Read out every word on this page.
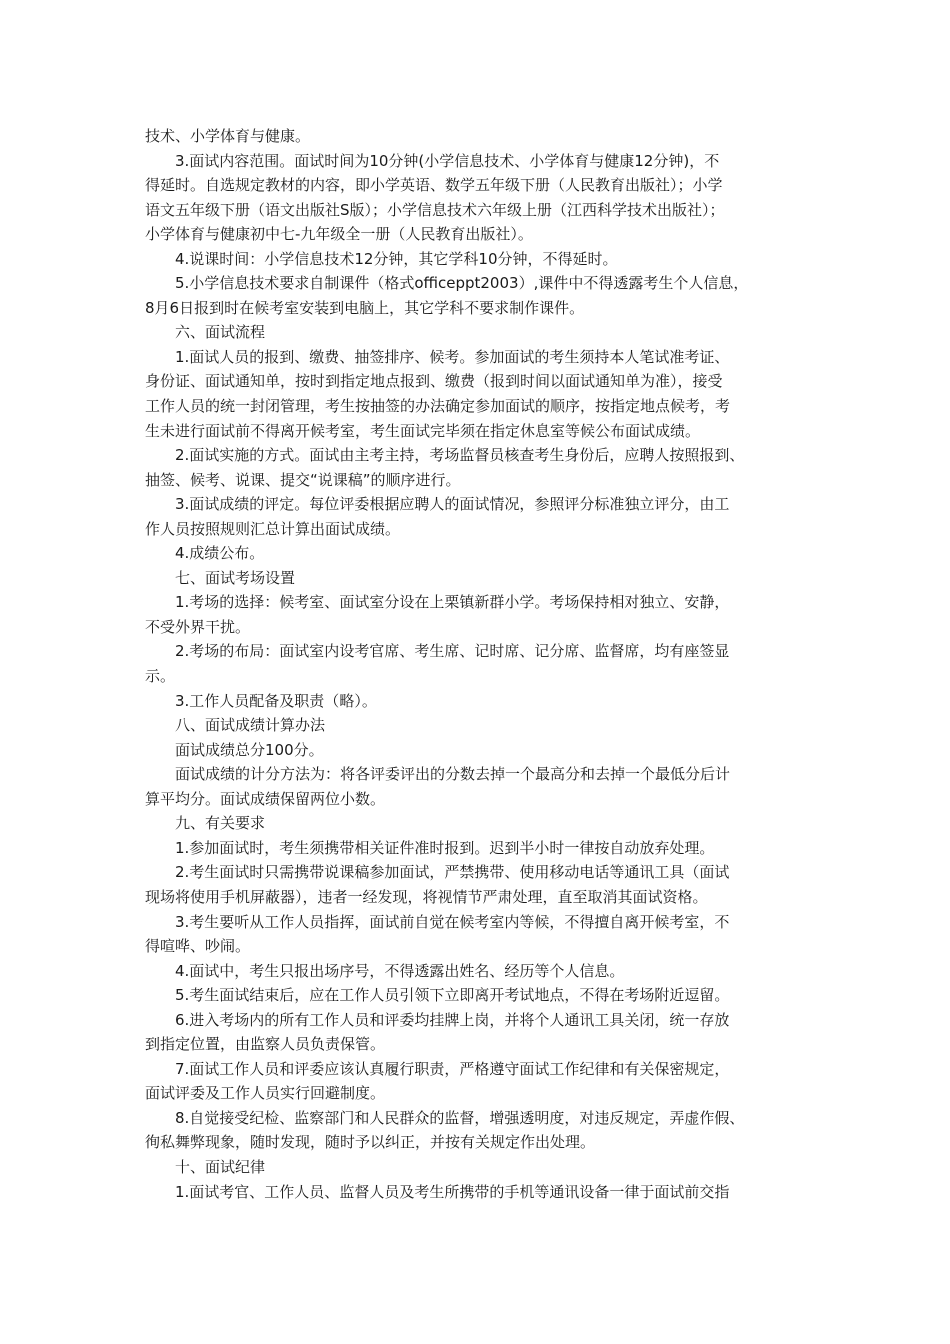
技术、小学体育与健康。
3.面试内容范围。面试时间为10分钟(小学信息技术、小学体育与健康12分钟)，不
得延时。自选规定教材的内容，即小学英语、数学五年级下册（人民教育出版社）；小学
语文五年级下册（语文出版社S版）；小学信息技术六年级上册（江西科学技术出版社）；
小学体育与健康初中七-九年级全一册（人民教育出版社）。
4.说课时间：小学信息技术12分钟，其它学科10分钟，不得延时。
5.小学信息技术要求自制课件（格式officeppt2003）,课件中不得透露考生个人信息，
8月6日报到时在候考室安装到电脑上，其它学科不要求制作课件。
六、面试流程
1.面试人员的报到、缴费、抽签排序、候考。参加面试的考生须持本人笔试准考证、
身份证、面试通知单，按时到指定地点报到、缴费（报到时间以面试通知单为准），接受
工作人员的统一封闭管理，考生按抽签的办法确定参加面试的顺序，按指定地点候考，考
生未进行面试前不得离开候考室，考生面试完毕须在指定休息室等候公布面试成绩。
2.面试实施的方式。面试由主考主持，考场监督员核查考生身份后，应聘人按照报到、
抽签、候考、说课、提交“说课稿”的顺序进行。
3.面试成绩的评定。每位评委根据应聘人的面试情况，参照评分标准独立评分，由工
作人员按照规则汇总计算出面试成绩。
4.成绩公布。
七、面试考场设置
1.考场的选择：候考室、面试室分设在上栗镇新群小学。考场保持相对独立、安静，
不受外界干扰。
2.考场的布局：面试室内设考官席、考生席、记时席、记分席、监督席，均有座签显
示。
3.工作人员配备及职责（略）。
八、面试成绩计算办法
面试成绩总分100分。
面试成绩的计分方法为：将各评委评出的分数去掉一个最高分和去掉一个最低分后计
算平均分。面试成绩保留两位小数。
九、有关要求
1.参加面试时，考生须携带相关证件准时报到。迟到半小时一律按自动放弃处理。
2.考生面试时只需携带说课稿参加面试，严禁携带、使用移动电话等通讯工具（面试
现场将使用手机屏蔽器），违者一经发现，将视情节严肃处理，直至取消其面试资格。
3.考生要听从工作人员指挥，面试前自觉在候考室内等候，不得擅自离开候考室，不
得喧哗、吵闹。
4.面试中，考生只报出场序号，不得透露出姓名、经历等个人信息。
5.考生面试结束后，应在工作人员引领下立即离开考试地点，不得在考场附近逗留。
6.进入考场内的所有工作人员和评委均挂牌上岗，并将个人通讯工具关闭，统一存放
到指定位置，由监察人员负责保管。
7.面试工作人员和评委应该认真履行职责，严格遵守面试工作纪律和有关保密规定，
面试评委及工作人员实行回避制度。
8.自觉接受纪检、监察部门和人民群众的监督，增强透明度，对违反规定，弄虚作假、
徇私舞弊现象，随时发现，随时予以纠正，并按有关规定作出处理。
十、面试纪律
1.面试考官、工作人员、监督人员及考生所携带的手机等通讯设备一律于面试前交指
